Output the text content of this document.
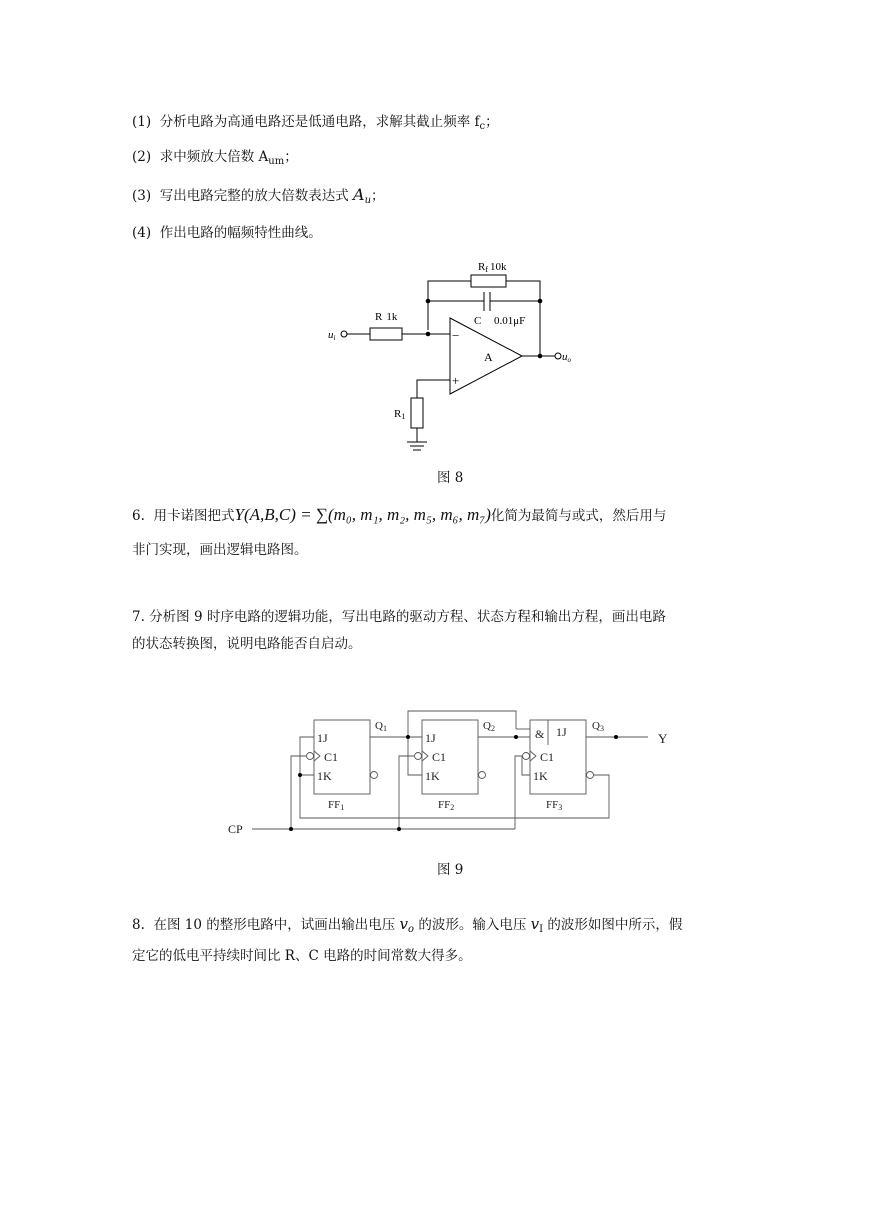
(1) 分析电路为高通电路还是低通电路，求解其截止频率 $f_c$；
(2) 求中频放大倍数 $A_{um}$；
(3) 写出电路完整的放大倍数表达式 $A_u$；
(4) 作出电路的幅频特性曲线。
Rf 10k
C 0.01μF
R 1k
ui
uo
A
−
+
R1
图 8
6. 用卡诺图把式Y(A,B,C) = ∑(m₀, m₁, m₂, m₅, m₆, m₇)化简为最简与或式，然后用与
非门实现，画出逻辑电路图。
7. 分析图 9 时序电路的逻辑功能，写出电路的驱动方程、状态方程和输出方程，画出电路
的状态转换图，说明电路能否自启动。
1J
C1
1K
1J
C1
1K
& 1J
C1
1K
FF1	FF2	FF3
Q1	Q2	Q3
Y
CP
图 9
8. 在图 10 的整形电路中，试画出输出电压 $v_o$ 的波形。输入电压 $v_I$ 的波形如图中所示，假
定它的低电平持续时间比 R、C 电路的时间常数大得多。
